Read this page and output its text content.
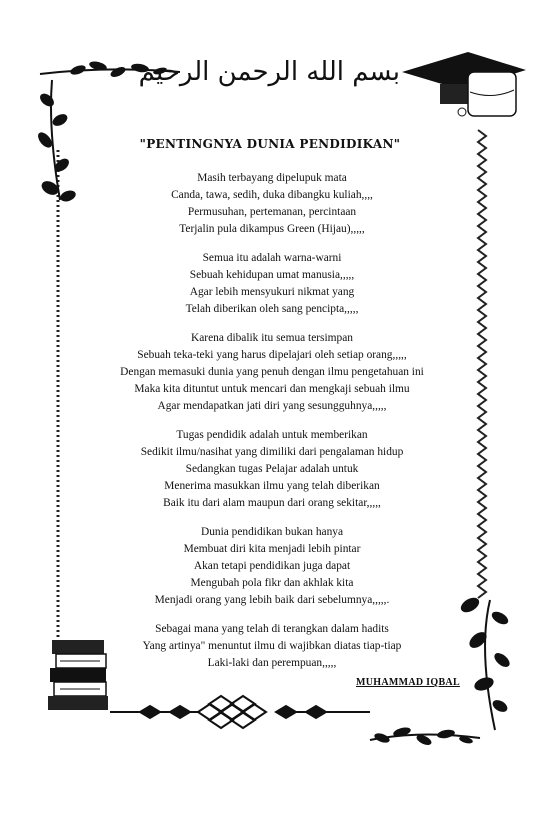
بسم الله الرحمن الرحيم
"PENTINGNYA DUNIA PENDIDIKAN"
Masih terbayang dipelupuk mata
Canda, tawa, sedih, duka dibangku kuliah,,,,
Permusuhan, pertemanan, percintaan
Terjalin pula dikampus Green (Hijau),,,,,
Semua itu adalah warna-warni
Sebuah kehidupan umat manusia,,,,,
Agar lebih mensyukuri nikmat yang
Telah diberikan oleh sang pencipta,,,,,
Karena dibalik itu semua tersimpan
Sebuah teka-teki yang harus dipelajari oleh setiap orang,,,,,
Dengan memasuki dunia yang penuh dengan ilmu pengetahuan ini
Maka kita dituntut untuk mencari dan mengkaji sebuah ilmu
Agar mendapatkan jati diri yang sesungguhnya,,,,,
Tugas pendidik adalah untuk memberikan
Sedikit ilmu/nasihat yang dimiliki dari pengalaman hidup
Sedangkan tugas Pelajar adalah untuk
Menerima masukkan ilmu yang telah diberikan
Baik itu dari alam maupun dari orang sekitar,,,,,
Dunia pendidikan bukan hanya
Membuat diri kita menjadi lebih pintar
Akan tetapi pendidikan juga dapat
Mengubah pola fikr dan akhlak kita
Menjadi orang yang lebih baik dari sebelumnya,,,,,.
Sebagai mana yang telah di terangkan dalam hadits
Yang artinya" menuntut ilmu di wajibkan diatas tiap-tiap
Laki-laki dan perempuan,,,,,
MUHAMMAD IQBAL
